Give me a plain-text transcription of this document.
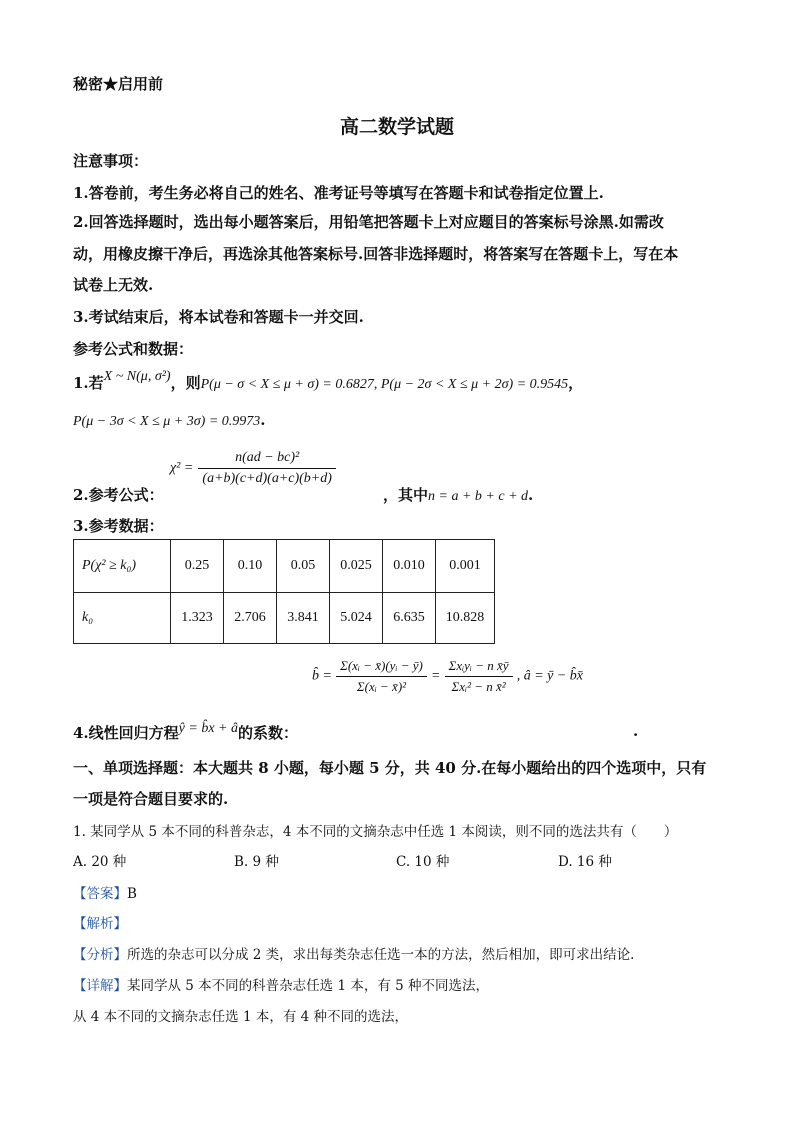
秘密★启用前
高二数学试题
注意事项：
1.答卷前，考生务必将自己的姓名、准考证号等填写在答题卡和试卷指定位置上.
2.回答选择题时，选出每小题答案后，用铅笔把答题卡上对应题目的答案标号涂黑.如需改
动，用橡皮擦干净后，再选涂其他答案标号.回答非选择题时，将答案写在答题卡上，写在本
试卷上无效.
3.考试结束后，将本试卷和答题卡一并交回.
参考公式和数据：
1.若X ~ N(μ, σ²)，则P(μ − σ < X ≤ μ + σ) = 0.6827, P(μ − 2σ < X ≤ μ + 2σ) = 0.9545，
P(μ − 3σ < X ≤ μ + 3σ) = 0.9973.
2.参考公式：
$\chi^2 = \frac{\text{n(ad − bc)²}}{(a+b)(c+d)(a+c)(b+d)}$
，其中n = a + b + c + d.
3.参考数据：
P(χ² ≥ k₀)	0.25	0.10	0.05	0.025	0.010	0.001
k₀	1.323	2.706	3.841	5.024	6.635	10.828
b̂ = $\frac{\text{Σ(xᵢ − x̄)(yᵢ − ȳ)}}{\text{Σ(xᵢ − x̄)²}} = \frac{\text{Σxᵢyᵢ − n x̄ȳ}}{\text{Σxᵢ² − n x̄²}}$ , â = ȳ − b̂x̄
4.线性回归方程ŷ = b̂x + â的系数：	.
一、单项选择题：本大题共 8 小题，每小题 5 分，共 40 分.在每小题给出的四个选项中，只有
一项是符合题目要求的.
1. 某同学从 5 本不同的科普杂志，4 本不同的文摘杂志中任选 1 本阅读，则不同的选法共有（　　）
A. 20 种	B. 9 种	C. 10 种	D. 16 种
【答案】B
【解析】
【分析】所选的杂志可以分成 2 类，求出每类杂志任选一本的方法，然后相加，即可求出结论.
【详解】某同学从 5 本不同的科普杂志任选 1 本，有 5 种不同选法，
从 4 本不同的文摘杂志任选 1 本，有 4 种不同的选法，
